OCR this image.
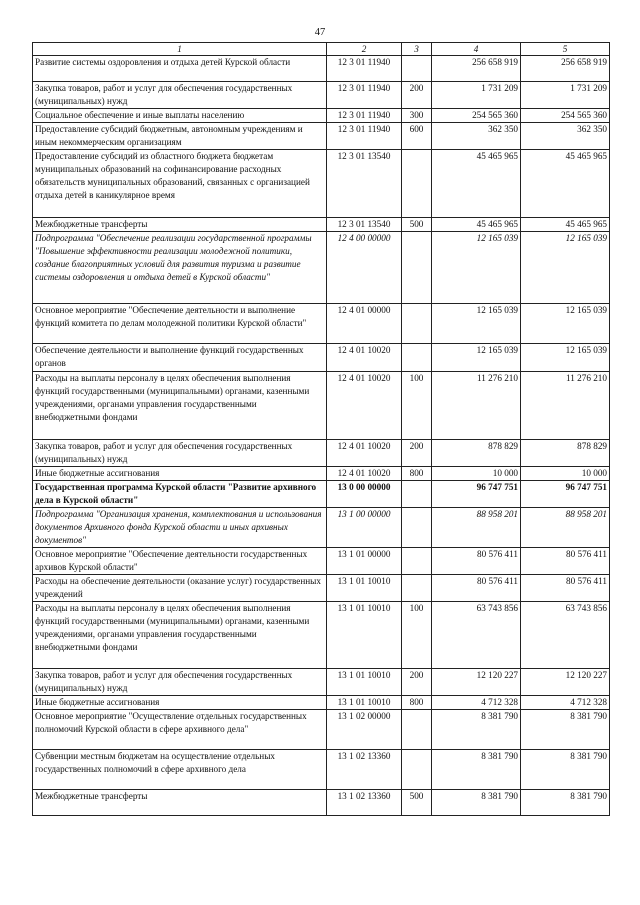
47
1	2	3	4	5
Развитие системы оздоровления и отдыха детей Курской области	12 3 01 11940		256 658 919	256 658 919
Закупка товаров, работ и услуг для обеспечения государственных (муниципальных) нужд	12 3 01 11940	200	1 731 209	1 731 209
Социальное обеспечение и иные выплаты населению	12 3 01 11940	300	254 565 360	254 565 360
Предоставление субсидий бюджетным, автономным учреждениям и иным некоммерческим организациям	12 3 01 11940	600	362 350	362 350
Предоставление субсидий из областного бюджета бюджетам муниципальных образований на софинансирование расходных обязательств муниципальных образований, связанных с организацией отдыха детей в каникулярное время	12 3 01 13540		45 465 965	45 465 965
Межбюджетные трансферты	12 3 01 13540	500	45 465 965	45 465 965
Подпрограмма "Обеспечение реализации государственной программы "Повышение эффективности реализации молодежной политики, создание благоприятных условий для развития туризма и развитие системы оздоровления и отдыха детей в Курской области"	12 4 00 00000		12 165 039	12 165 039
Основное мероприятие "Обеспечение деятельности и выполнение функций комитета по делам молодежной политики Курской области"	12 4 01 00000		12 165 039	12 165 039
Обеспечение деятельности и выполнение функций государственных органов	12 4 01 10020		12 165 039	12 165 039
Расходы на выплаты персоналу в целях обеспечения выполнения функций государственными (муниципальными) органами, казенными учреждениями, органами управления государственными внебюджетными фондами	12 4 01 10020	100	11 276 210	11 276 210
Закупка товаров, работ и услуг для обеспечения государственных (муниципальных) нужд	12 4 01 10020	200	878 829	878 829
Иные бюджетные ассигнования	12 4 01 10020	800	10 000	10 000
Государственная программа Курской области "Развитие архивного дела в Курской области"	13 0 00 00000		96 747 751	96 747 751
Подпрограмма "Организация хранения, комплектования и использования документов Архивного фонда Курской области и иных архивных документов"	13 1 00 00000		88 958 201	88 958 201
Основное мероприятие "Обеспечение деятельности государственных архивов Курской области"	13 1 01 00000		80 576 411	80 576 411
Расходы на обеспечение деятельности (оказание услуг) государственных учреждений	13 1 01 10010		80 576 411	80 576 411
Расходы на выплаты персоналу в целях обеспечения выполнения функций государственными (муниципальными) органами, казенными учреждениями, органами управления государственными внебюджетными фондами	13 1 01 10010	100	63 743 856	63 743 856
Закупка товаров, работ и услуг для обеспечения государственных (муниципальных) нужд	13 1 01 10010	200	12 120 227	12 120 227
Иные бюджетные ассигнования	13 1 01 10010	800	4 712 328	4 712 328
Основное мероприятие "Осуществление отдельных государственных полномочий Курской области в сфере архивного дела"	13 1 02 00000		8 381 790	8 381 790
Субвенции местным бюджетам на осуществление отдельных государственных полномочий в сфере архивного дела	13 1 02 13360		8 381 790	8 381 790
Межбюджетные трансферты	13 1 02 13360	500	8 381 790	8 381 790
